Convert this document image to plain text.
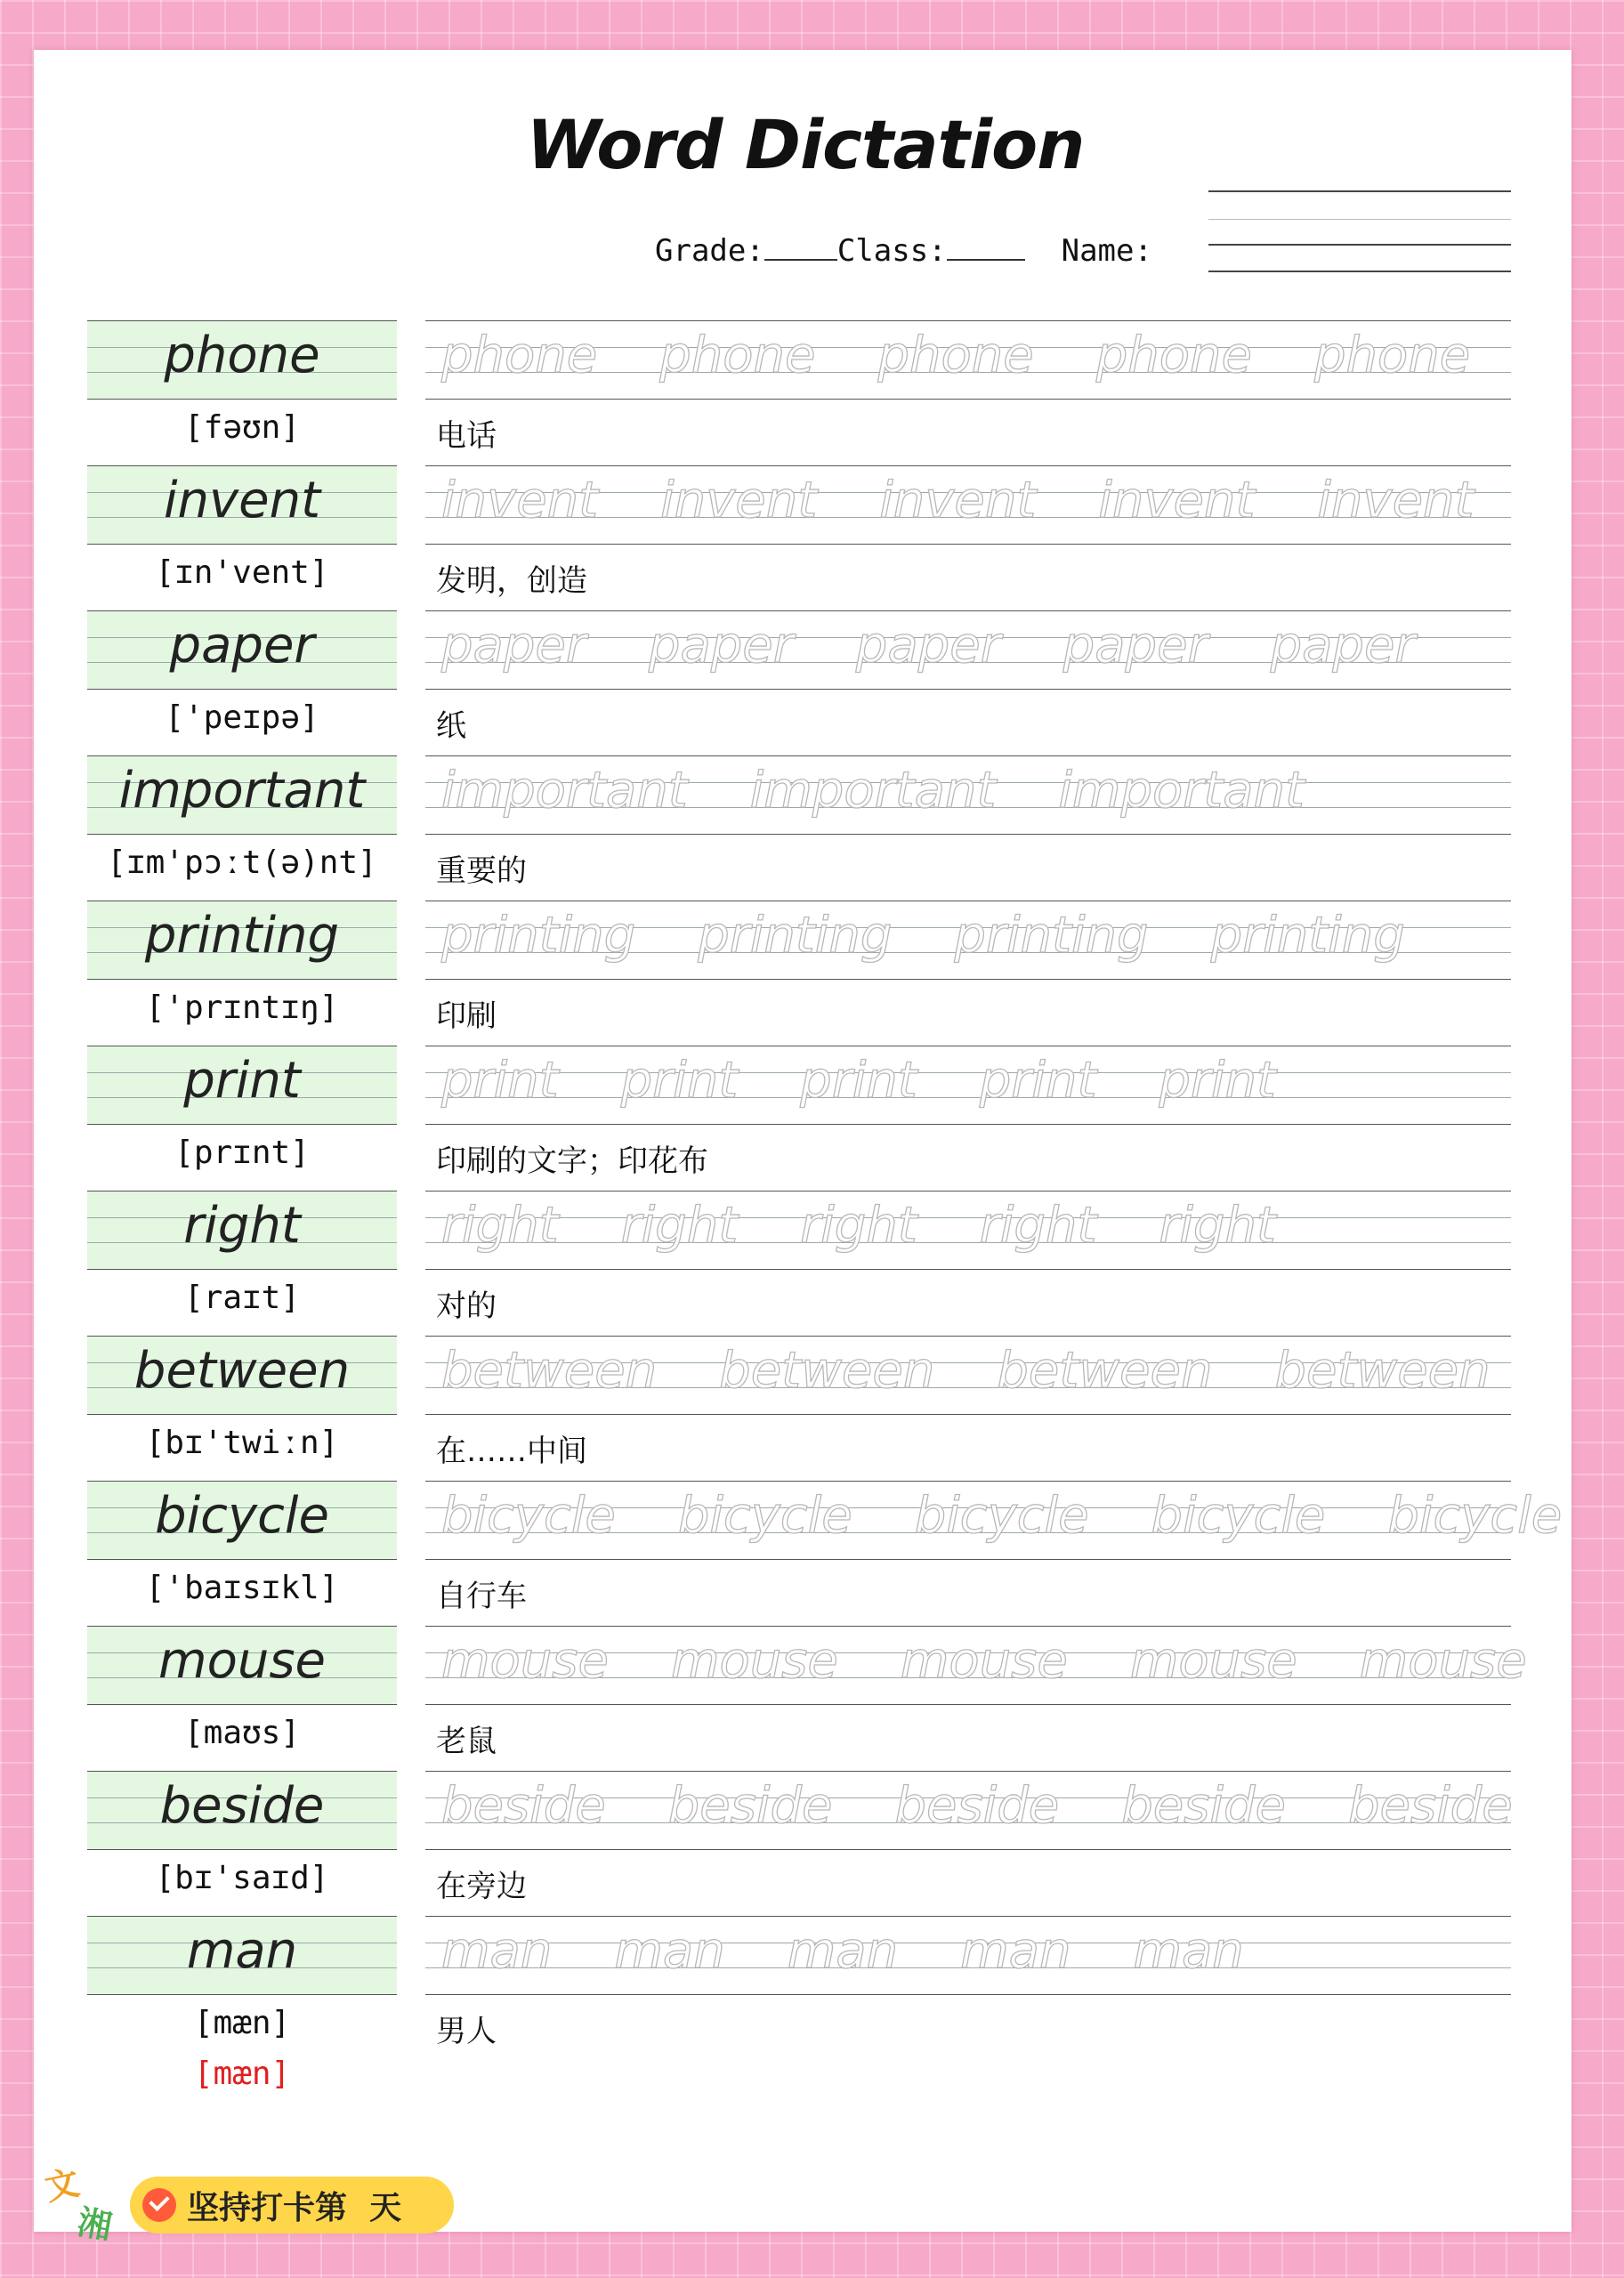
Word Dictation
Grade: Class:	Name:
phone	phone phone phone phone phone
[fəʊn]	电话
invent	invent invent invent invent invent
[ɪn'vent]	发明，创造
paper	paper paper paper paper paper
['peɪpə]	纸
important	important important important
[ɪm'pɔːt(ə)nt]	重要的
printing	printing printing printing printing
['prɪntɪŋ]	印刷
print	print print print print print
[prɪnt]	印刷的文字；印花布
right	right right right right right
[raɪt]	对的
between	between between between between
[bɪ'twiːn]	在……中间
bicycle	bicycle bicycle bicycle bicycle bicycle
['baɪsɪkl]	自行车
mouse	mouse mouse mouse mouse mouse
[maʊs]	老鼠
beside	beside beside beside beside beside
[bɪ'saɪd]	在旁边
man	man man man man man
[mæn]	男人
[mæn]
文
湘 坚持打卡第  天
